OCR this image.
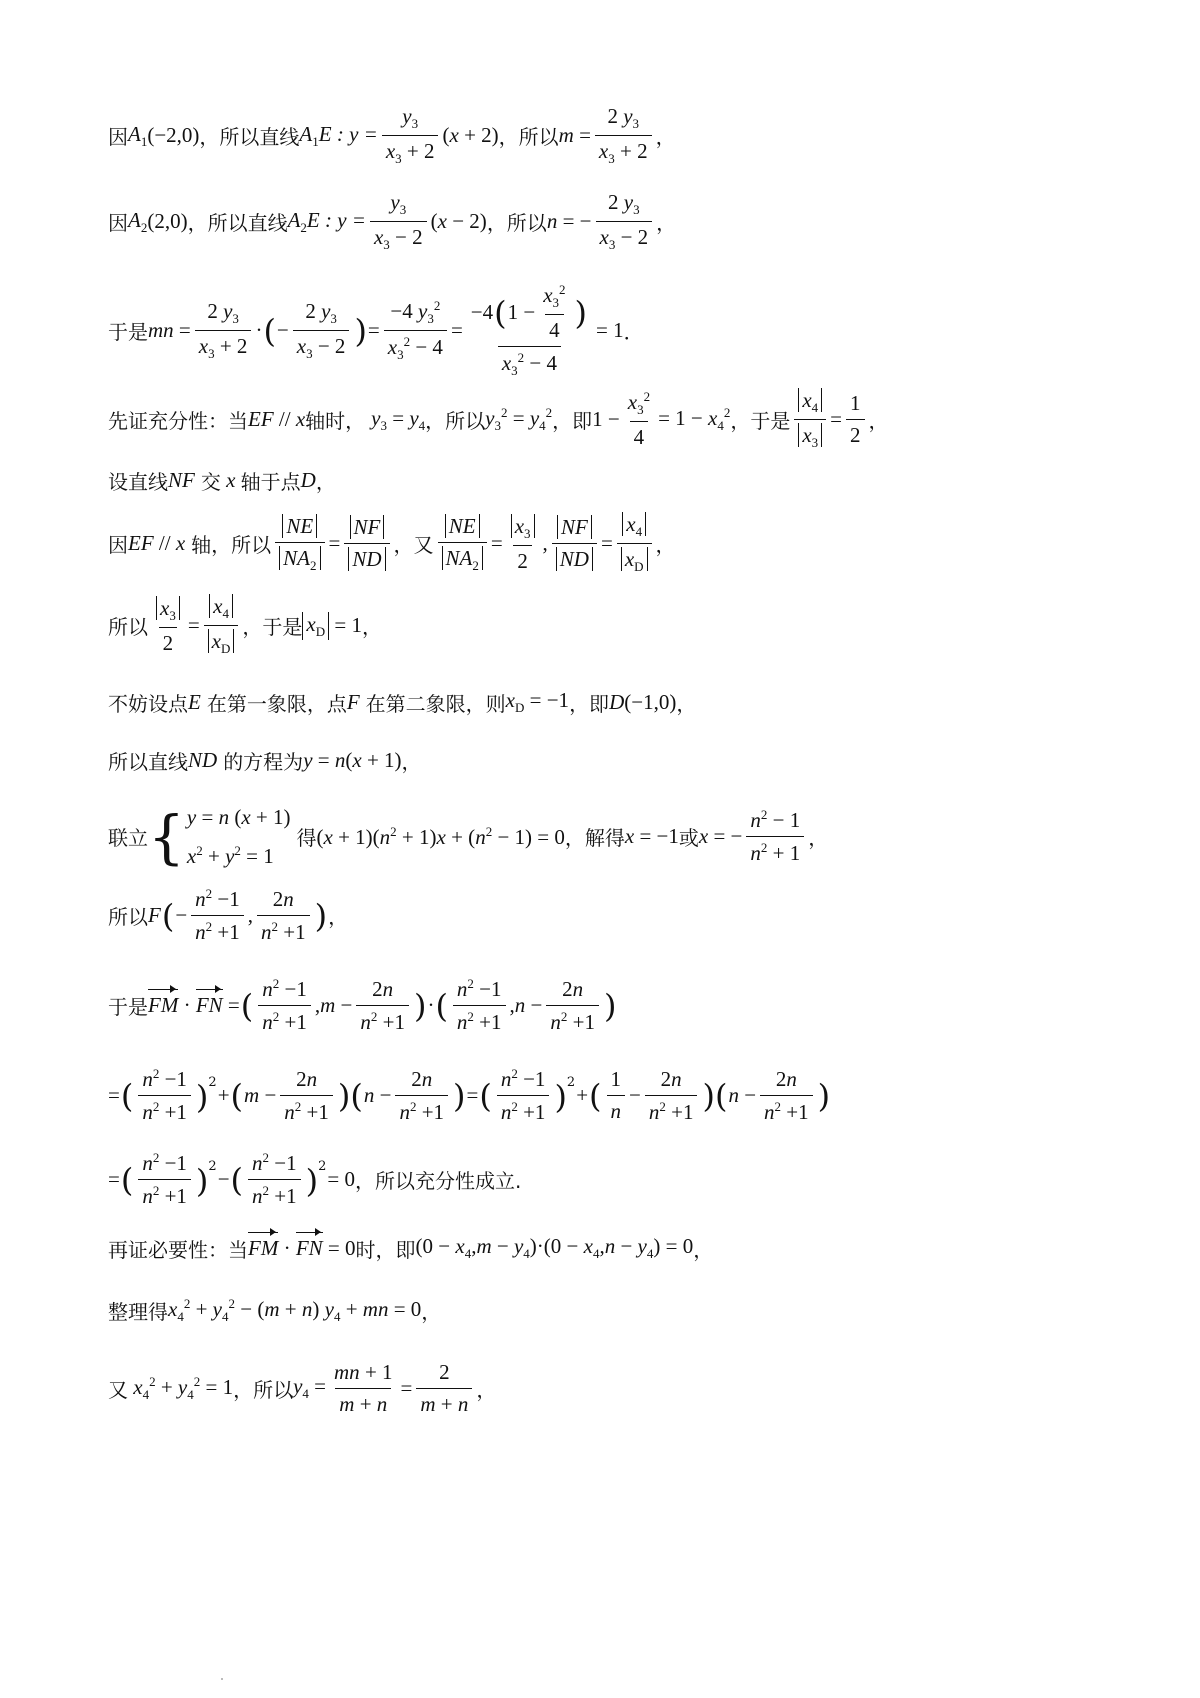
因 $A_1$ (−2,0) ，所以直线 $A_1E$ : $y = \frac{y_3}{x_3 + 2} (x + 2)$ ，所以 $m = \frac{2 y_3}{x_3 + 2}$ ，
因 $A_2$ (2,0) ，所以直线 $A_2E$ : $y = \frac{y_3}{x_3 - 2} (x - 2)$ ，所以 n = − $\frac{2 y_3}{x_3 - 2}$ ，
于是 mn = $\frac{2 y_3}{x_3 + 2}$ · ( − $\frac{2 y_3}{x_3 - 2}$ ) = $\frac{-4 y_3^2}{x_3^2 - 4} = \frac{-4 ( 1 - \frac{x_3^2}{4} )}{x_3^2 - 4} = 1$ ．
先证充分性：当 EF // x 轴时， $y_3 = y_4$ ，所以 $y_3^2 = y_4^2$ ，即 $1 - \frac{x_3^2}{4} = 1 - x_4^2$ ，于是 $\frac{x_4}{x_3} = \frac{1}{2}$ ，
设直线 NF 交 x 轴于点 D ，
因 EF // x 轴，所以 $\frac{NE}{NA_2} = \frac{NF}{ND}$ ，又 $\frac{NE}{NA_2} = \frac{x_3}{2}$ , $\frac{NF}{ND} = \frac{x_4}{x_D}$ ，
所以 $\frac{x_3}{2} = \frac{x_4}{x_D}$ ，于是 $x_D = 1$ ，
不妨设点 E 在第一象限，点 F 在第二象限，则 $x_D = -1$ ，即 D (−1,0) ，
所以 直线 ND 的方程为 y = n (x + 1) ，
联立 { y = n (x + 1)
$x^2 + y^2 = 1$
得 $(x + 1)(n^2 + 1)x + (n^2 - 1) = 0$ ，解得 x = −1 或 x = − $\frac{n^2 - 1}{n^2 + 1}$ ，
所以 F ( − $\frac{n^2 -1}{n^2 +1}$ , $\frac{2n}{n^2 +1}$ ) ，
于是 FM · FN = ( $\frac{n^2 -1}{n^2 +1} ,m - \frac{2n}{n^2 +1}$ ) · ( $\frac{n^2 -1}{n^2 +1} ,n - \frac{2n}{n^2 +1}$ )
= ( $\frac{n^2 -1}{n^2 +1} )^2$
+ ( $m - \frac{2n}{n^2 +1}$ )( $n - \frac{2n}{n^2 +1}$ ) = ( $\frac{n^2 -1}{n^2 +1} )^2$
+ ( $\frac{1}{n} - \frac{2n}{n^2 +1}$ )( $n - \frac{2n}{n^2 +1}$ )
= ( $\frac{n^2 -1}{n^2 +1} )^2$
− ( $\frac{n^2 -1}{n^2 +1} )^2$
= 0 ，所以充分性成立.
再证必要性：当 FM · FN = 0 时，即 $(0 - x_4,m - y_4)\cdot(0 - x_4,n - y_4) = 0$ ，
整理得 $x_4^2 + y_4^2 - (m + n) y_4$ + mn = 0 ，
又 $x_4^2 + y_4^2 = 1$ ，所以 $y_4 = \frac{mn + 1}{m + n} = \frac{2}{m + n}$ ，
